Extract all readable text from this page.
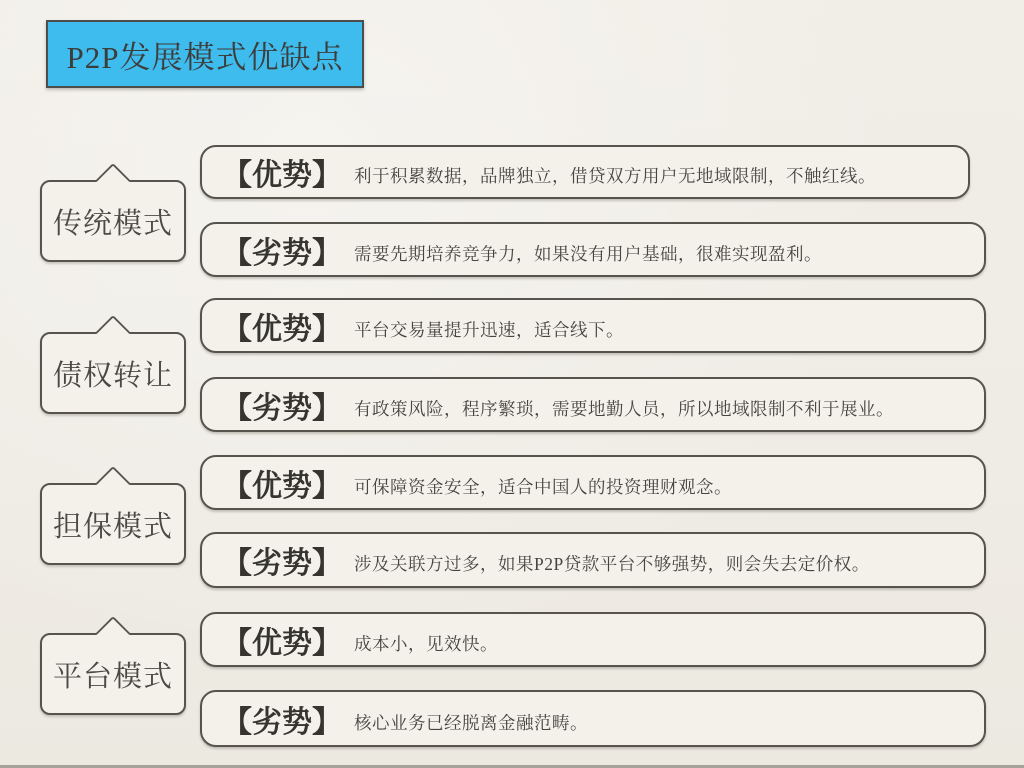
P2P发展模式优缺点
传统模式
【优势】 利于积累数据，品牌独立，借贷双方用户无地域限制，不触红线。
【劣势】 需要先期培养竞争力，如果没有用户基础，很难实现盈利。
债权转让
【优势】 平台交易量提升迅速，适合线下。
【劣势】 有政策风险，程序繁琐，需要地勤人员，所以地域限制不利于展业。
担保模式
【优势】 可保障资金安全，适合中国人的投资理财观念。
【劣势】 涉及关联方过多，如果P2P贷款平台不够强势，则会失去定价权。
平台模式
【优势】 成本小，见效快。
【劣势】 核心业务已经脱离金融范畴。
